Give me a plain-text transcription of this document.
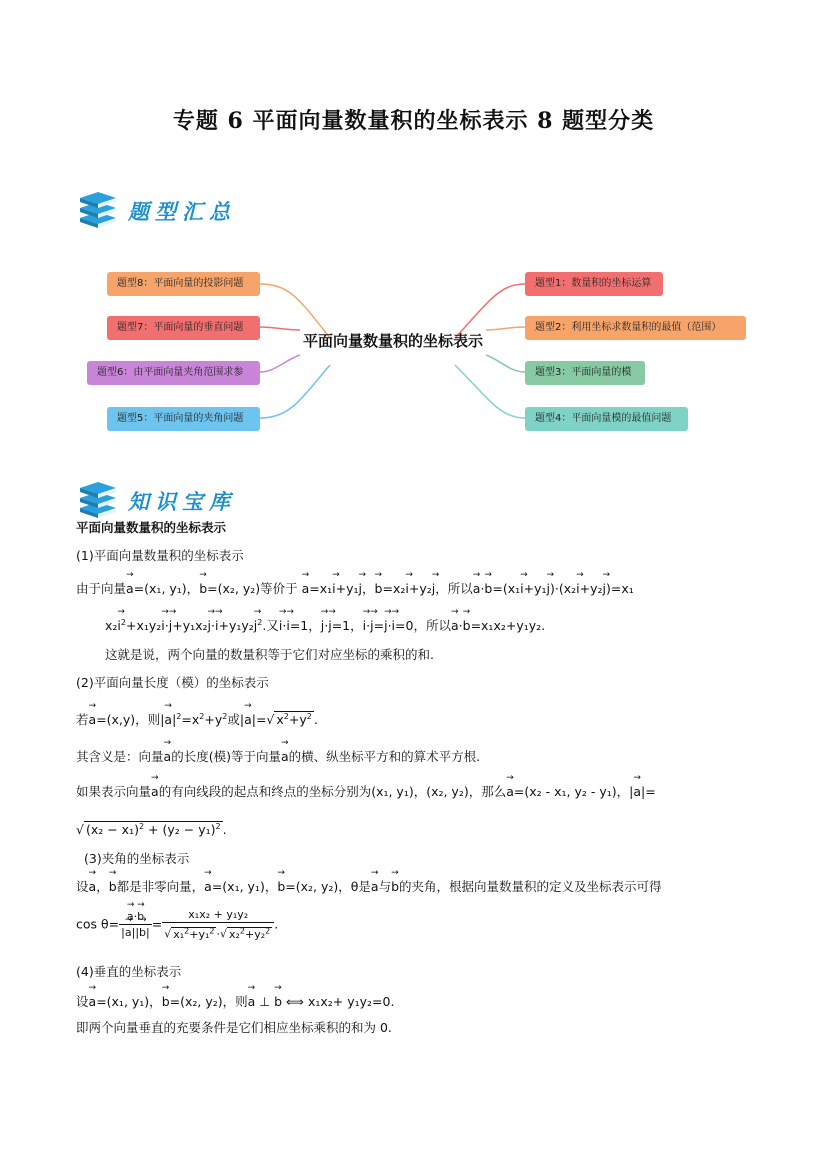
专题 6 平面向量数量积的坐标表示 8 题型分类
题型汇总
题型8：平面向量的投影问题
题型7：平面向量的垂直问题
题型6：由平面向量夹角范围求参
题型5：平面向量的夹角问题
平面向量数量积的坐标表示
题型1：数量积的坐标运算
题型2：利用坐标求数量积的最值（范围）
题型3：平面向量的模
题型4：平面向量模的最值问题
知识宝库
平面向量数量积的坐标表示
(1)平面向量数量积的坐标表示
由于向量→ a=(x₁, y₁)，→ b=(x₂, y₂)等价于 → a=x₁→ i+y₁→ j，→ b=x₂→ i+y₂→ j，所以→ a·→ b=(x₁→ i+y₁→ j)·(x₂→ i+y₂→ j)=x₁
$x_2\to i^2+x_1y_2\to i\cdot\to j+y_1x_2\to j\cdot\to i+y_1y_2\to j^2$.又→ i·→ i=1，→ j·→ j=1，→ i·→ j=→ j·→ i=0，所以→ a·→ b=x₁x₂+y₁y₂.
这就是说，两个向量的数量积等于它们对应坐标的乘积的和.
(2)平面向量长度（模）的坐标表示
若→ a=(x,y)，则|→ $a|^2=x^2+y^2$或|→ a|=√ $x^2+y^2$ .
其含义是：向量→ a的长度(模)等于向量→ a的横、纵坐标平方和的算术平方根.
如果表示向量→ a的有向线段的起点和终点的坐标分别为(x₁, y₁)，(x₂, y₂)，那么→ a=(x₂ - x₁, y₂ - y₁)，|→ a|=
√ $(x_2 - x_1)^2 + (y_2 - y_1)^2$ .
(3)夹角的坐标表示
设→ a，→ b都是非零向量，→ a=(x₁, y₁)，→ b=(x₂, y₂)，θ是→ a与→ b的夹角，根据向量数量积的定义及坐标表示可得
cos θ=
→ $\frac{a\cdot\to b}{|\to a||\to b|} = \frac{\text{x₁x₂ + y₁y₂}}{√ x_1^2+y_1^2 \cdot√ x_2^2+y_2^2}$ .
(4)垂直的坐标表示
设→ a=(x₁, y₁)，→ b=(x₂, y₂)，则→ a ⊥ → b ⟺ x₁x₂+ y₁y₂=0.
即两个向量垂直的充要条件是它们相应坐标乘积的和为 0.
